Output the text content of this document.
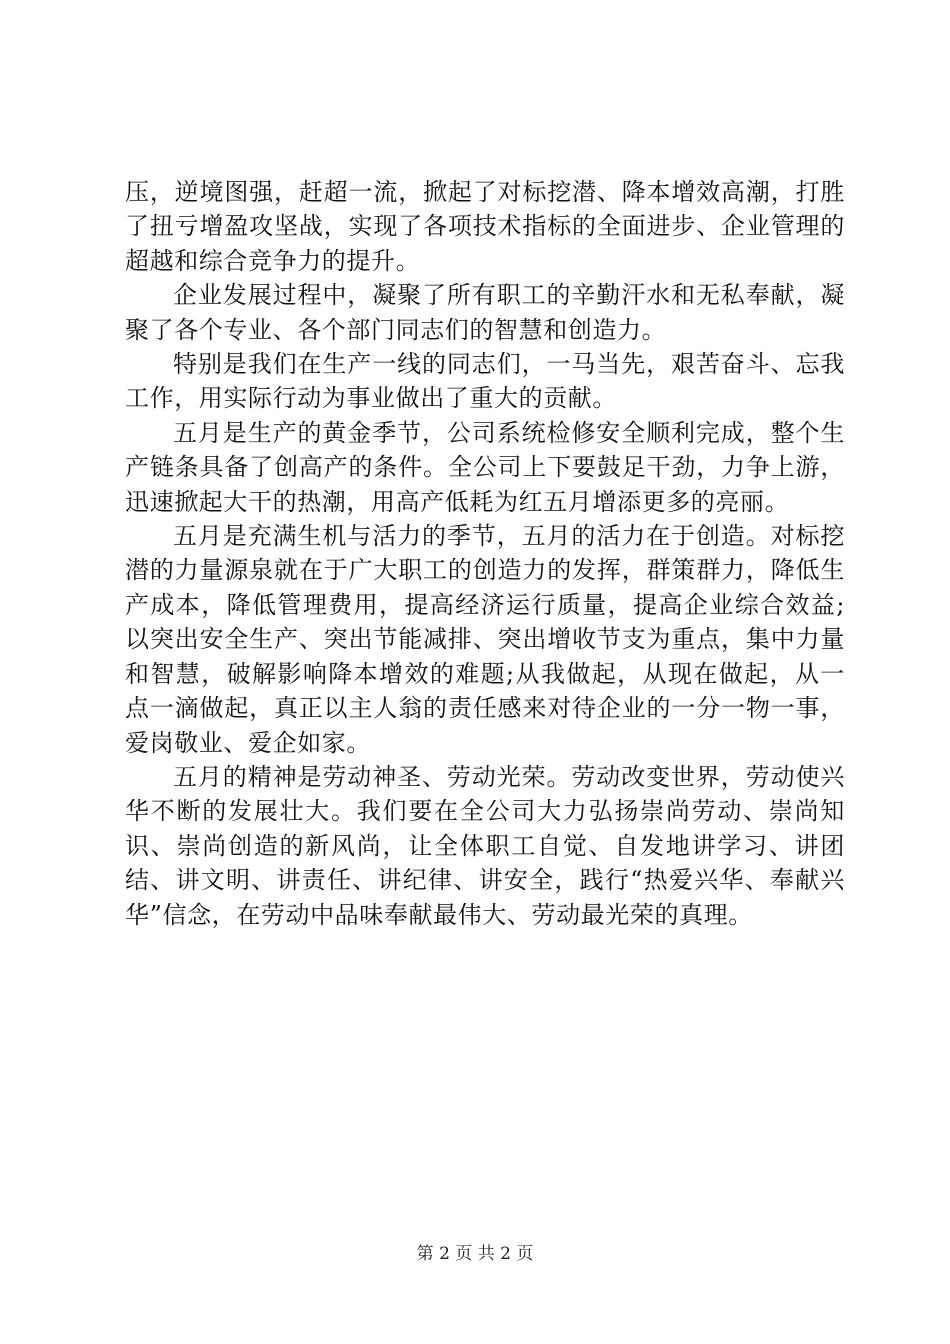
压，逆境图强，赶超一流，掀起了对标挖潜、降本增效高潮，打胜了扭亏增盈攻坚战，实现了各项技术指标的全面进步、企业管理的超越和综合竞争力的提升。

企业发展过程中，凝聚了所有职工的辛勤汗水和无私奉献，凝聚了各个专业、各个部门同志们的智慧和创造力。

特别是我们在生产一线的同志们，一马当先，艰苦奋斗、忘我工作，用实际行动为事业做出了重大的贡献。

五月是生产的黄金季节，公司系统检修安全顺利完成，整个生产链条具备了创高产的条件。全公司上下要鼓足干劲，力争上游，迅速掀起大干的热潮，用高产低耗为红五月增添更多的亮丽。

五月是充满生机与活力的季节，五月的活力在于创造。对标挖潜的力量源泉就在于广大职工的创造力的发挥，群策群力，降低生产成本，降低管理费用，提高经济运行质量，提高企业综合效益;以突出安全生产、突出节能减排、突出增收节支为重点，集中力量和智慧，破解影响降本增效的难题;从我做起，从现在做起，从一点一滴做起，真正以主人翁的责任感来对待企业的一分一物一事，爱岗敬业、爱企如家。

五月的精神是劳动神圣、劳动光荣。劳动改变世界，劳动使兴华不断的发展壮大。我们要在全公司大力弘扬崇尚劳动、崇尚知识、崇尚创造的新风尚，让全体职工自觉、自发地讲学习、讲团结、讲文明、讲责任、讲纪律、讲安全，践行“热爱兴华、奉献兴华”信念，在劳动中品味奉献最伟大、劳动最光荣的真理。

第 2 页 共 2 页
